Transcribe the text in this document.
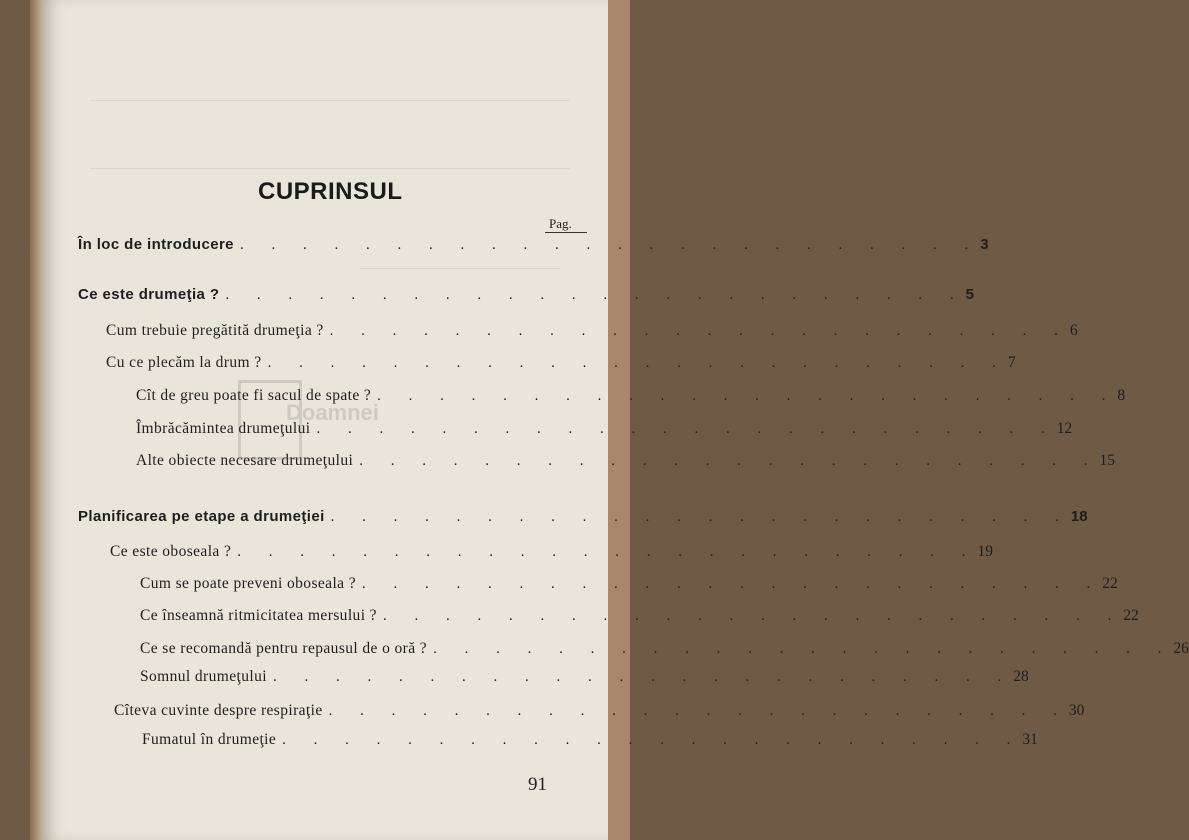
CUPRINSUL
Pag.
În loc de introducere . . . . . . . . . . . . . . . . . . . . . . . . 3
Ce este drumeţia ? . . . . . . . . . . . . . . . . . . . . . . . . 5
Cum trebuie pregătită drumeţia ? . . . . . . . . . . . . . . . . . . . . . . . . 6
Cu ce plecăm la drum ? . . . . . . . . . . . . . . . . . . . . . . . . 7
Cît de greu poate fi sacul de spate ? . . . . . . . . . . . . . . . . . . . . . . . . 8
Îmbrăcămintea drumeţului . . . . . . . . . . . . . . . . . . . . . . . . 12
Alte obiecte necesare drumeţului . . . . . . . . . . . . . . . . . . . . . . . . 15
Planificarea pe etape a drumeţiei . . . . . . . . . . . . . . . . . . . . . . . . 18
Ce este oboseala ? . . . . . . . . . . . . . . . . . . . . . . . . 19
Cum se poate preveni oboseala ? . . . . . . . . . . . . . . . . . . . . . . . . 22
Ce înseamnă ritmicitatea mersului ? . . . . . . . . . . . . . . . . . . . . . . . . 22
Ce se recomandă pentru repausul de o oră ? . . . . . . . . . . . . . . . . . . . . . . . . 26
Somnul drumeţului . . . . . . . . . . . . . . . . . . . . . . . . 28
Cîteva cuvinte despre respiraţie . . . . . . . . . . . . . . . . . . . . . . . . 30
Fumatul în drumeţie . . . . . . . . . . . . . . . . . . . . . . . . 31
91
Doamnei
